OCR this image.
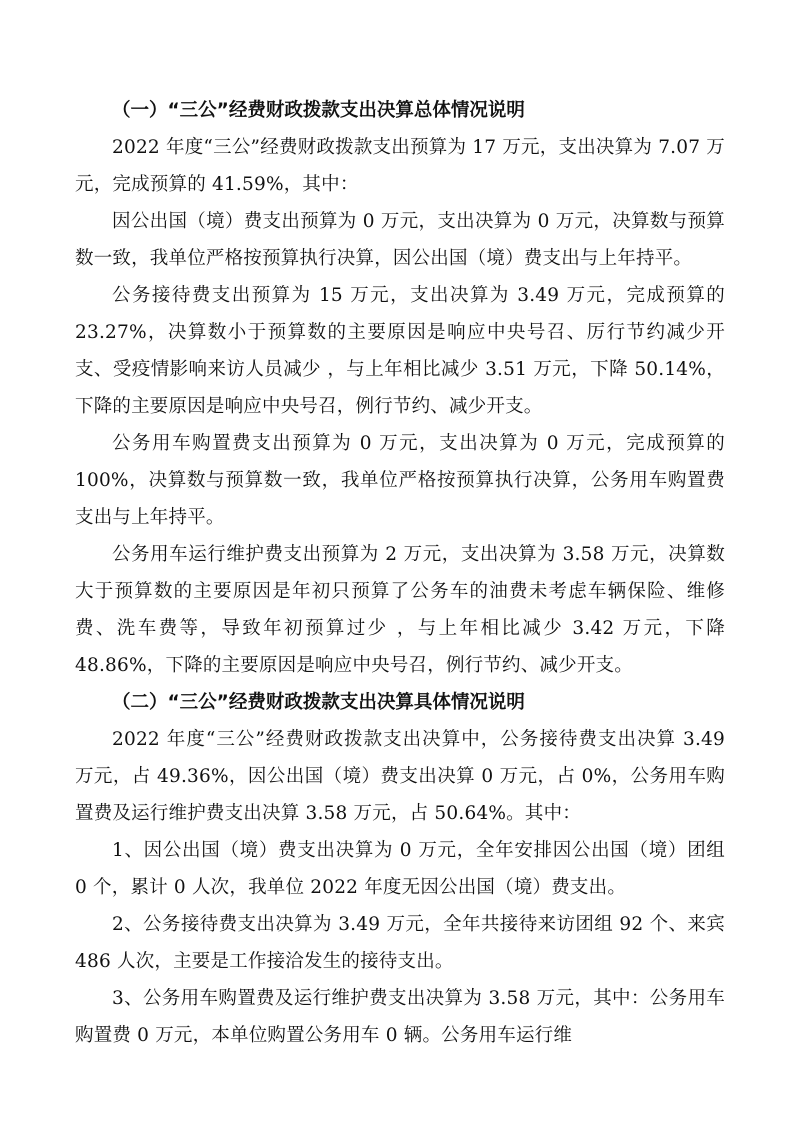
（一）“三公”经费财政拨款支出决算总体情况说明

2022 年度“三公”经费财政拨款支出预算为 17 万元，支出决算为 7.07 万元，完成预算的 41.59%，其中：

因公出国（境）费支出预算为 0 万元，支出决算为 0 万元，决算数与预算数一致，我单位严格按预算执行决算，因公出国（境）费支出与上年持平。

公务接待费支出预算为 15 万元，支出决算为 3.49 万元，完成预算的 23.27%，决算数小于预算数的主要原因是响应中央号召、厉行节约减少开支、受疫情影响来访人员减少 ，与上年相比减少 3.51 万元，下降 50.14%，下降的主要原因是响应中央号召，例行节约、减少开支。

公务用车购置费支出预算为 0 万元，支出决算为 0 万元，完成预算的 100%，决算数与预算数一致，我单位严格按预算执行决算，公务用车购置费支出与上年持平。

公务用车运行维护费支出预算为 2 万元，支出决算为 3.58 万元，决算数大于预算数的主要原因是年初只预算了公务车的油费未考虑车辆保险、维修费、洗车费等，导致年初预算过少 ，与上年相比减少 3.42 万元，下降 48.86%，下降的主要原因是响应中央号召，例行节约、减少开支。

（二）“三公”经费财政拨款支出决算具体情况说明

2022 年度“三公”经费财政拨款支出决算中，公务接待费支出决算 3.49 万元，占 49.36%，因公出国（境）费支出决算 0 万元，占 0%，公务用车购置费及运行维护费支出决算 3.58 万元，占 50.64%。其中：

1、因公出国（境）费支出决算为 0 万元，全年安排因公出国（境）团组 0 个，累计 0 人次，我单位 2022 年度无因公出国（境）费支出。

2、公务接待费支出决算为 3.49 万元，全年共接待来访团组 92 个、来宾 486 人次，主要是工作接洽发生的接待支出。

3、公务用车购置费及运行维护费支出决算为 3.58 万元，其中：公务用车购置费 0 万元，本单位购置公务用车 0 辆。公务用车运行维
